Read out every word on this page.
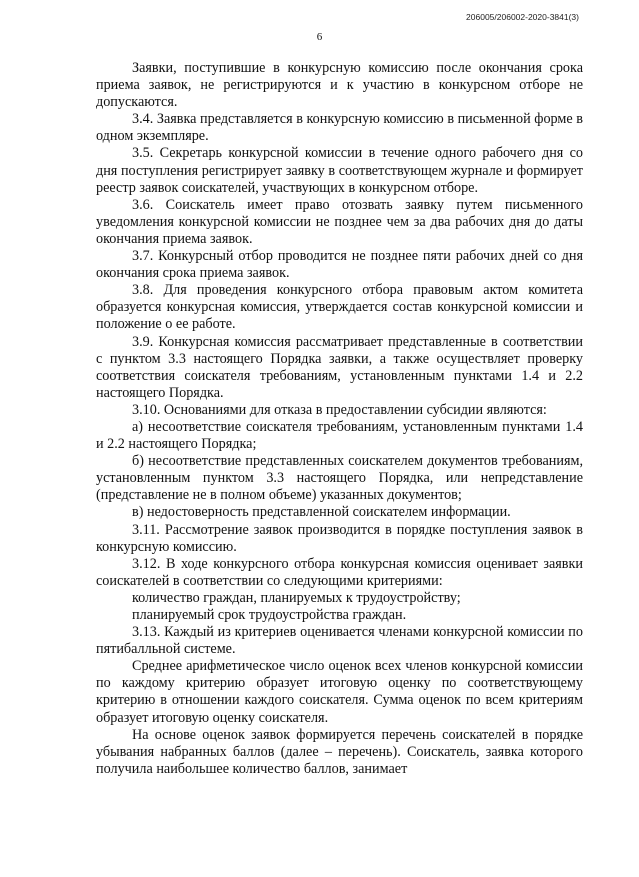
206005/206002-2020-3841(3)
6

Заявки, поступившие в конкурсную комиссию после окончания срока приема заявок, не регистрируются и к участию в конкурсном отборе не допускаются.

3.4. Заявка представляется в конкурсную комиссию в письменной форме в одном экземпляре.

3.5. Секретарь конкурсной комиссии в течение одного рабочего дня со дня поступления регистрирует заявку в соответствующем журнале и формирует реестр заявок соискателей, участвующих в конкурсном отборе.

3.6. Соискатель имеет право отозвать заявку путем письменного уведомления конкурсной комиссии не позднее чем за два рабочих дня до даты окончания приема заявок.

3.7. Конкурсный отбор проводится не позднее пяти рабочих дней со дня окончания срока приема заявок.

3.8. Для проведения конкурсного отбора правовым актом комитета образуется конкурсная комиссия, утверждается состав конкурсной комиссии и положение о ее работе.

3.9. Конкурсная комиссия рассматривает представленные в соответствии с пунктом 3.3 настоящего Порядка заявки, а также осуществляет проверку соответствия соискателя требованиям, установленным пунктами 1.4 и 2.2 настоящего Порядка.

3.10. Основаниями для отказа в предоставлении субсидии являются:

а) несоответствие соискателя требованиям, установленным пунктами 1.4 и 2.2 настоящего Порядка;

б) несоответствие представленных соискателем документов требованиям, установленным пунктом 3.3 настоящего Порядка, или непредставление (представление не в полном объеме) указанных документов;

в) недостоверность представленной соискателем информации.

3.11. Рассмотрение заявок производится в порядке поступления заявок в конкурсную комиссию.

3.12. В ходе конкурсного отбора конкурсная комиссия оценивает заявки соискателей в соответствии со следующими критериями:

количество граждан, планируемых к трудоустройству;

планируемый срок трудоустройства граждан.

3.13. Каждый из критериев оценивается членами конкурсной комиссии по пятибалльной системе.

Среднее арифметическое число оценок всех членов конкурсной комиссии по каждому критерию образует итоговую оценку по соответствующему критерию в отношении каждого соискателя. Сумма оценок по всем критериям образует итоговую оценку соискателя.

На основе оценок заявок формируется перечень соискателей в порядке убывания набранных баллов (далее – перечень). Соискатель, заявка которого получила наибольшее количество баллов, занимает
